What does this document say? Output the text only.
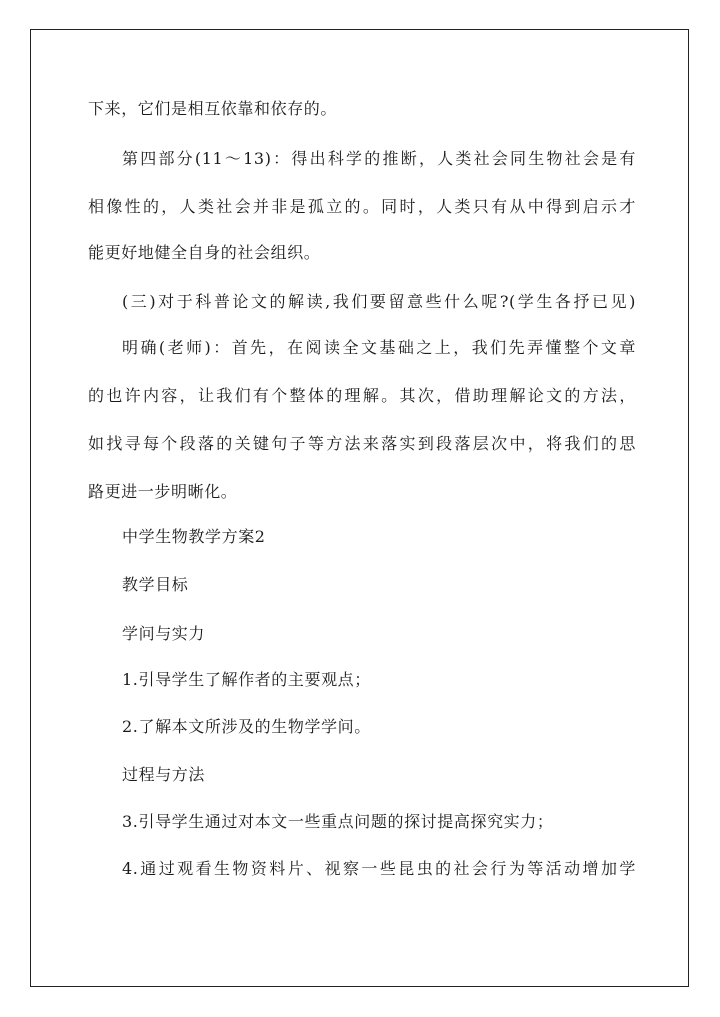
下来，它们是相互依靠和依存的。
第四部分(11～13)：得出科学的推断，人类社会同生物社会是有
相像性的，人类社会并非是孤立的。同时，人类只有从中得到启示才
能更好地健全自身的社会组织。
(三)对于科普论文的解读,我们要留意些什么呢?(学生各抒已见)
明确(老师)：首先，在阅读全文基础之上，我们先弄懂整个文章
的也许内容，让我们有个整体的理解。其次，借助理解论文的方法，
如找寻每个段落的关键句子等方法来落实到段落层次中，将我们的思
路更进一步明晰化。
中学生物教学方案2
教学目标
学问与实力
1.引导学生了解作者的主要观点；
2.了解本文所涉及的生物学学问。
过程与方法
3.引导学生通过对本文一些重点问题的探讨提高探究实力；
4.通过观看生物资料片、视察一些昆虫的社会行为等活动增加学
